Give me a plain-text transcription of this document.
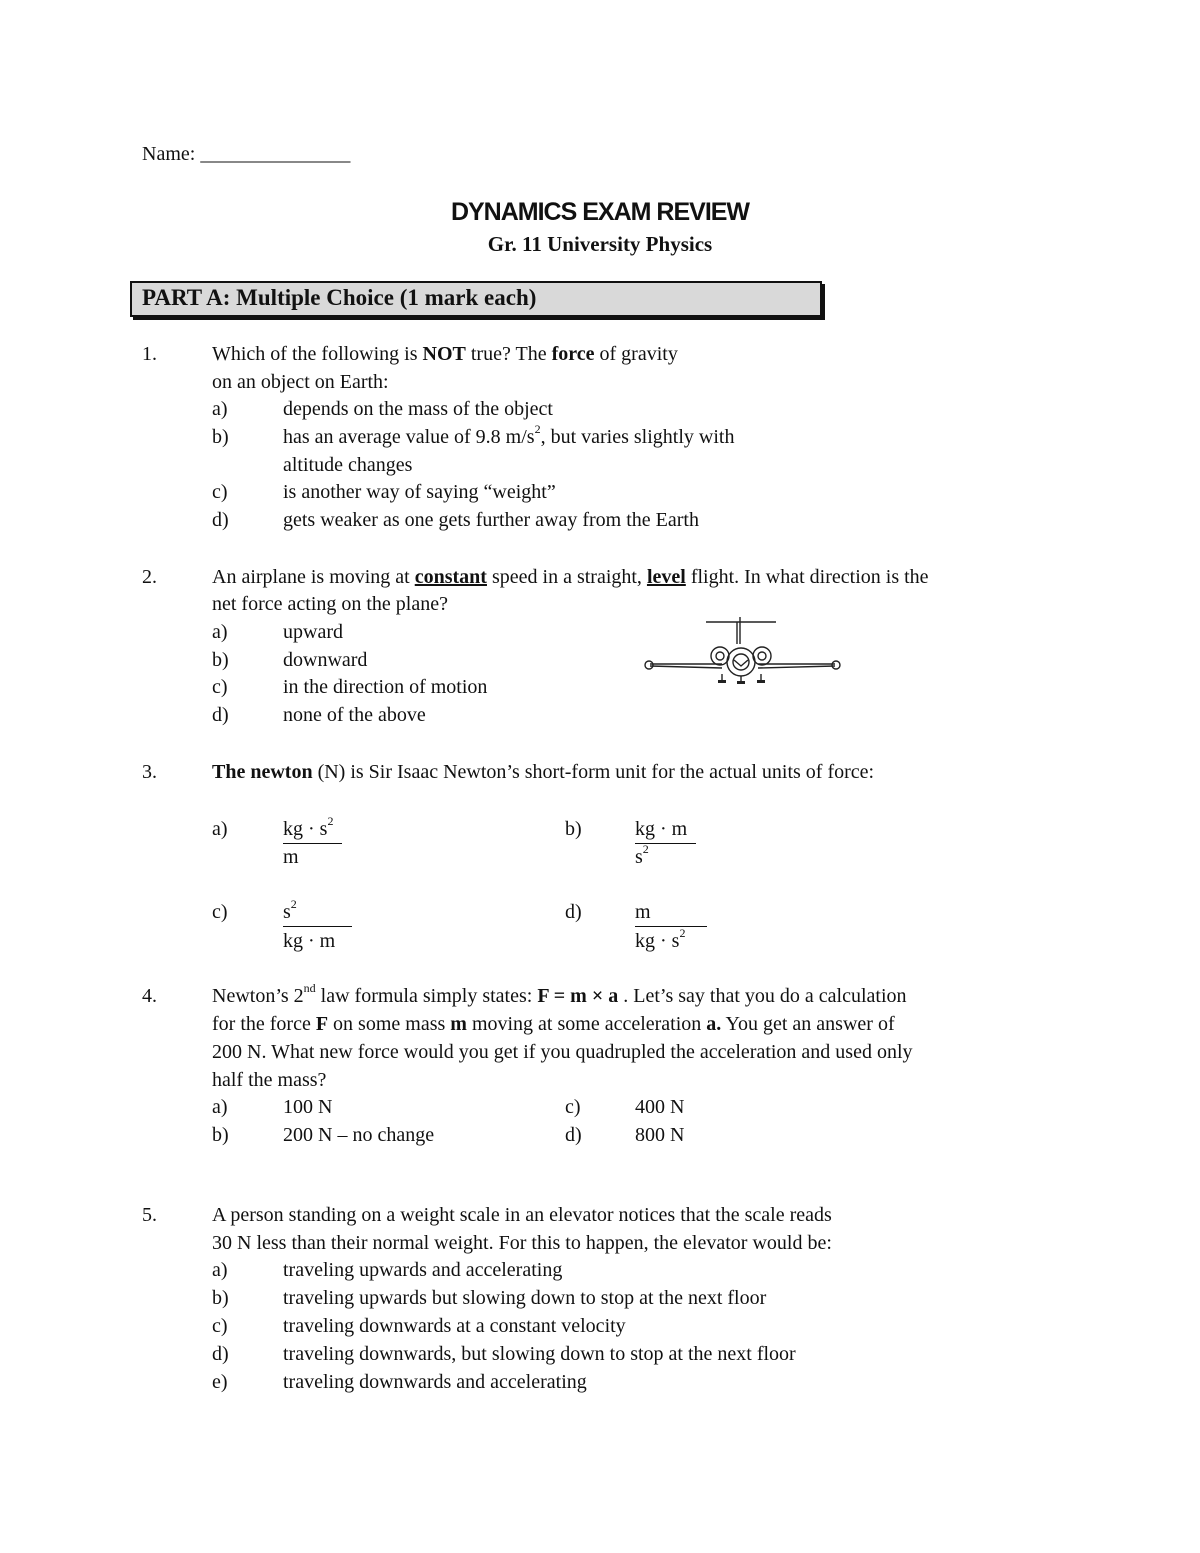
Name: _______________
DYNAMICS EXAM REVIEW
Gr. 11 University Physics
PART A: Multiple Choice (1 mark each)
1.	Which of the following is NOT true? The force of gravity
on an object on Earth:
a)	depends on the mass of the object
b)	has an average value of 9.8 $m/s^2$, but varies slightly with
altitude changes
c)	is another way of saying “weight”
d)	gets weaker as one gets further away from the Earth
2.	An airplane is moving at constant speed in a straight, level flight. In what direction is the
net force acting on the plane?
a)	upward
b)	downward
c)	in the direction of motion
d)	none of the above
3.	The newton (N) is Sir Isaac Newton’s short-form unit for the actual units of force:
a)	kg · $s^2$
m
b)	kg · m
$s^2$
c)	$s^2$
kg · m
d)	m
kg · $s^2$
4.	Newton’s 2nd law formula simply states: F = m × a . Let’s say that you do a calculation
for the force F on some mass m moving at some acceleration a. You get an answer of
200 N. What new force would you get if you quadrupled the acceleration and used only
half the mass?
a)	100 N
b)	200 N – no change
c)	400 N
d)	800 N
5.	A person standing on a weight scale in an elevator notices that the scale reads
30 N less than their normal weight. For this to happen, the elevator would be:
a)	traveling upwards and accelerating
b)	traveling upwards but slowing down to stop at the next floor
c)	traveling downwards at a constant velocity
d)	traveling downwards, but slowing down to stop at the next floor
e)	traveling downwards and accelerating
